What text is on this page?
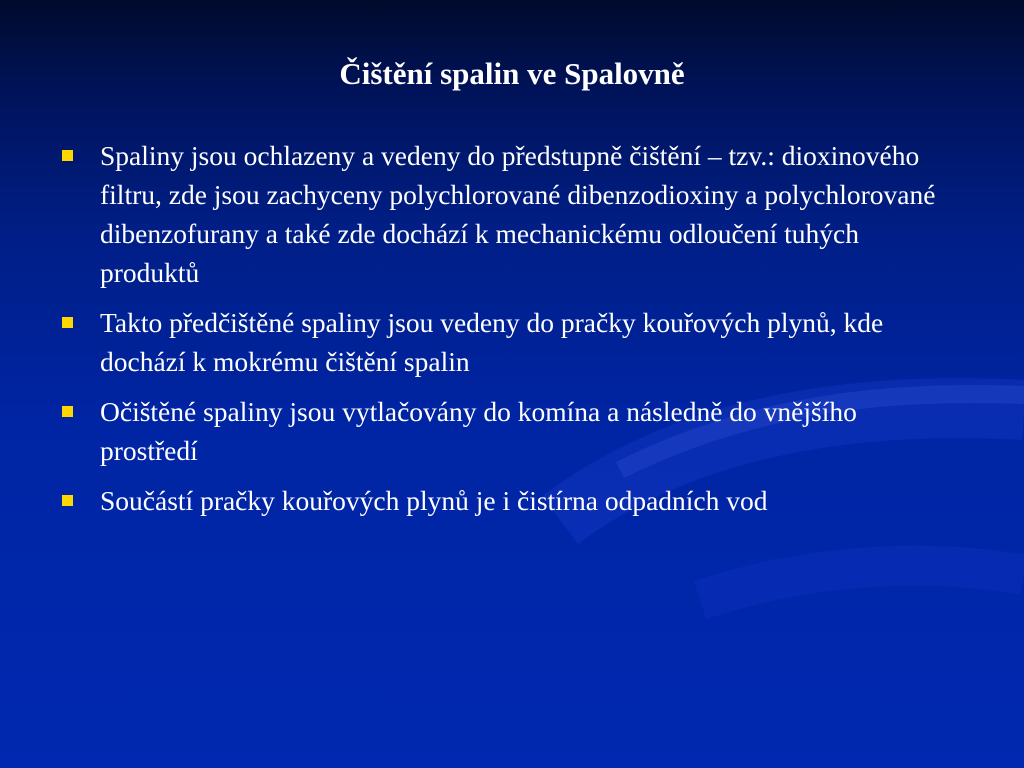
Čištění spalin ve Spalovně
Spaliny jsou ochlazeny a vedeny do předstupně čištění – tzv.: dioxinového filtru, zde jsou zachyceny polychlorované dibenzodioxiny a polychlorované dibenzofurany a také zde dochází k mechanickému odloučení tuhých produktů
Takto předčištěné spaliny jsou vedeny do pračky kouřových plynů, kde dochází k mokrému čištění spalin
Očištěné spaliny jsou vytlačovány do komína a následně do vnějšího prostředí
Součástí pračky kouřových plynů je i čistírna odpadních vod
